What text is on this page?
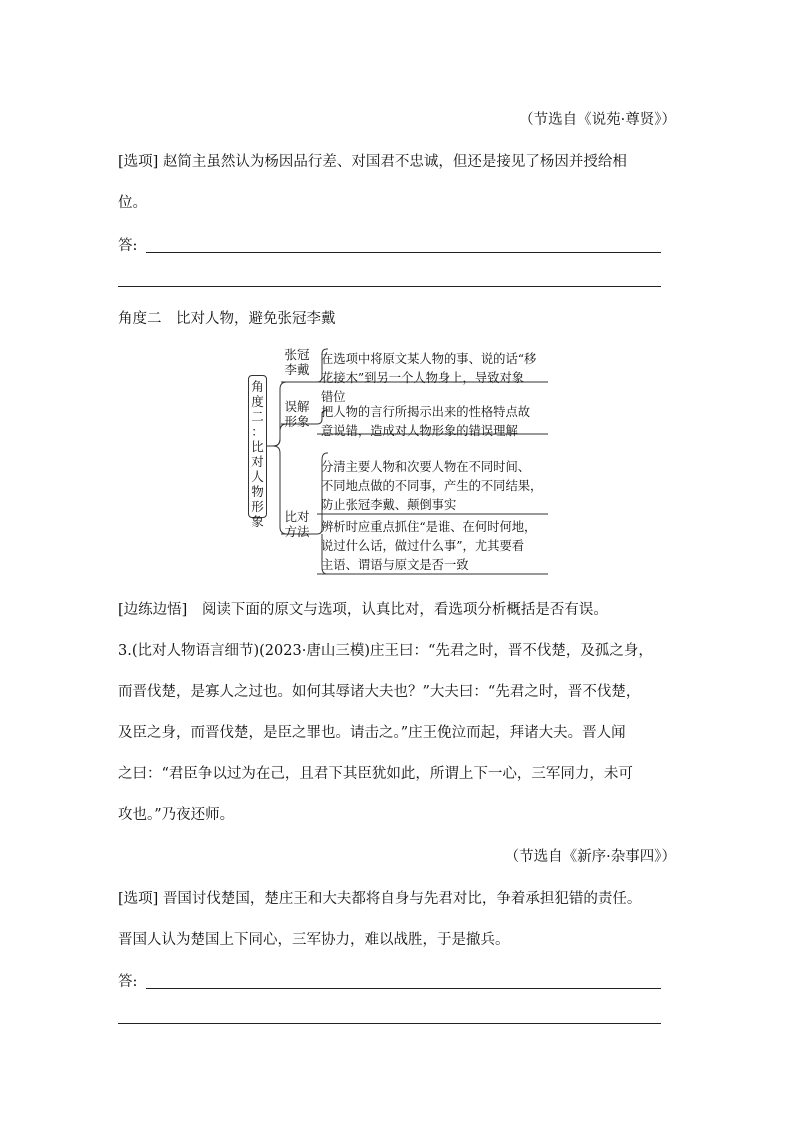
（节选自《说苑·尊贤》）
[选项] 赵简主虽然认为杨因品行差、对国君不忠诚，但还是接见了杨因并授给相
位。
答:
角度二　比对人物，避免张冠李戴
角
度
二
：
比
对
人
物
形
象
张冠
李戴
在选项中将原文某人物的事、说的话“移
花接木”到另一个人物身上，导致对象
错位
误解
形象
把人物的言行所揭示出来的性格特点故
意说错，造成对人物形象的错误理解
比对
方法
分清主要人物和次要人物在不同时间、
不同地点做的不同事，产生的不同结果，
防止张冠李戴、颠倒事实
辨析时应重点抓住“是谁、在何时何地，
说过什么话，做过什么事”，尤其要看
主语、谓语与原文是否一致
[边练边悟] 阅读下面的原文与选项，认真比对，看选项分析概括是否有误。
3.(比对人物语言细节)(2023·唐山三模)庄王曰：“先君之时，晋不伐楚，及孤之身，
而晋伐楚，是寡人之过也。如何其辱诸大夫也？”大夫曰：“先君之时，晋不伐楚，
及臣之身，而晋伐楚，是臣之罪也。请击之。”庄王俛泣而起，拜诸大夫。晋人闻
之曰：“君臣争以过为在己，且君下其臣犹如此，所谓上下一心，三军同力，未可
攻也。”乃夜还师。
（节选自《新序·杂事四》）
[选项] 晋国讨伐楚国，楚庄王和大夫都将自身与先君对比，争着承担犯错的责任。
晋国人认为楚国上下同心，三军协力，难以战胜，于是撤兵。
答:
